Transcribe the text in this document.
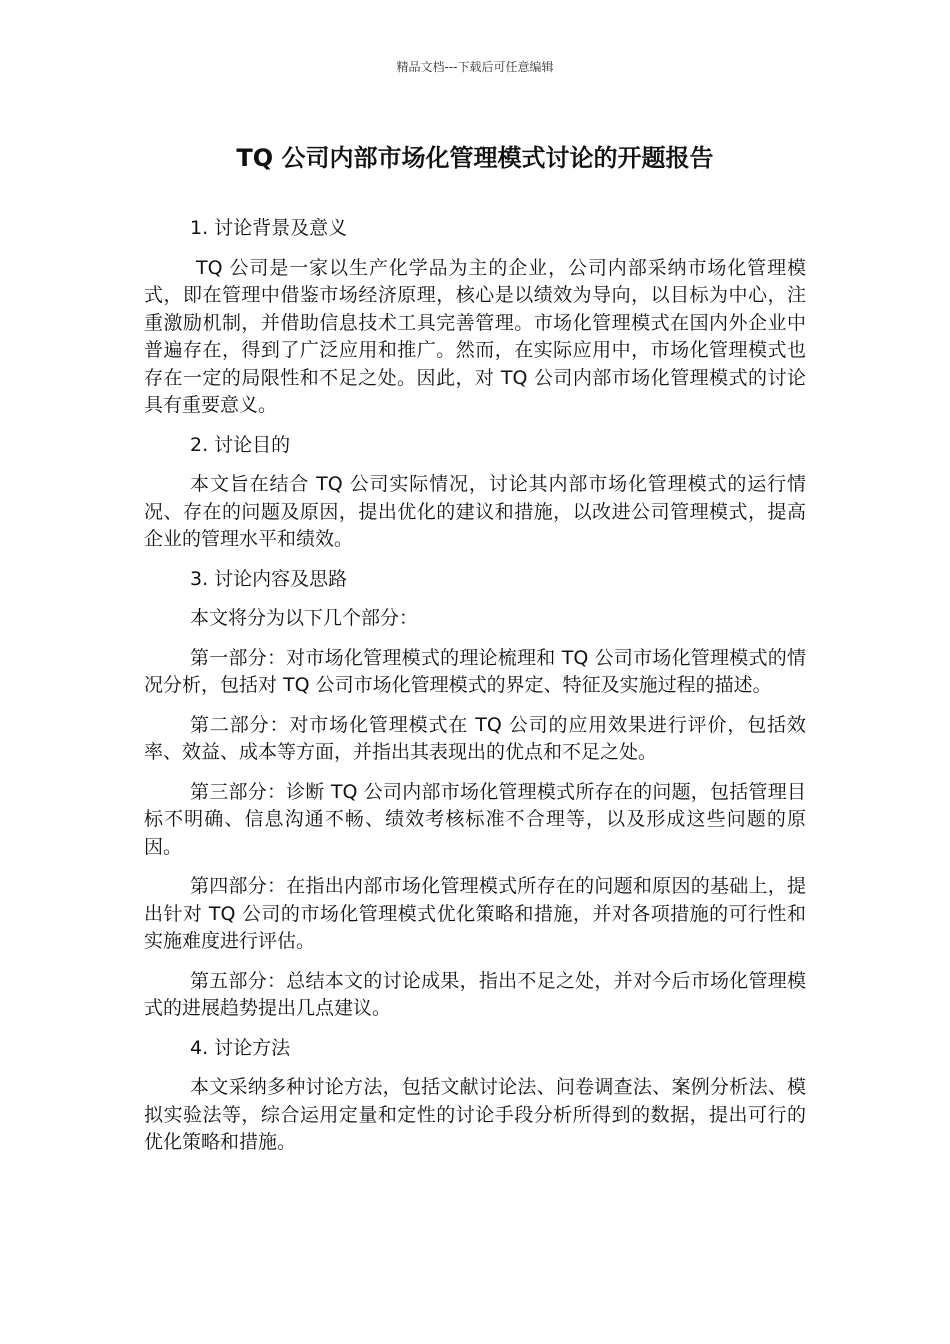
精品文档---下载后可任意编辑
TQ 公司内部市场化管理模式讨论的开题报告

1. 讨论背景及意义

TQ 公司是一家以生产化学品为主的企业，公司内部采纳市场化管理模式，即在管理中借鉴市场经济原理，核心是以绩效为导向，以目标为中心，注重激励机制，并借助信息技术工具完善管理。市场化管理模式在国内外企业中普遍存在，得到了广泛应用和推广。然而，在实际应用中，市场化管理模式也存在一定的局限性和不足之处。因此，对 TQ 公司内部市场化管理模式的讨论具有重要意义。

2. 讨论目的

本文旨在结合 TQ 公司实际情况，讨论其内部市场化管理模式的运行情况、存在的问题及原因，提出优化的建议和措施，以改进公司管理模式，提高企业的管理水平和绩效。

3. 讨论内容及思路

本文将分为以下几个部分：

第一部分：对市场化管理模式的理论梳理和 TQ 公司市场化管理模式的情况分析，包括对 TQ 公司市场化管理模式的界定、特征及实施过程的描述。

第二部分：对市场化管理模式在 TQ 公司的应用效果进行评价，包括效率、效益、成本等方面，并指出其表现出的优点和不足之处。

第三部分：诊断 TQ 公司内部市场化管理模式所存在的问题，包括管理目标不明确、信息沟通不畅、绩效考核标准不合理等，以及形成这些问题的原因。

第四部分：在指出内部市场化管理模式所存在的问题和原因的基础上，提出针对 TQ 公司的市场化管理模式优化策略和措施，并对各项措施的可行性和实施难度进行评估。

第五部分：总结本文的讨论成果，指出不足之处，并对今后市场化管理模式的进展趋势提出几点建议。

4. 讨论方法

本文采纳多种讨论方法，包括文献讨论法、问卷调查法、案例分析法、模拟实验法等，综合运用定量和定性的讨论手段分析所得到的数据，提出可行的优化策略和措施。
